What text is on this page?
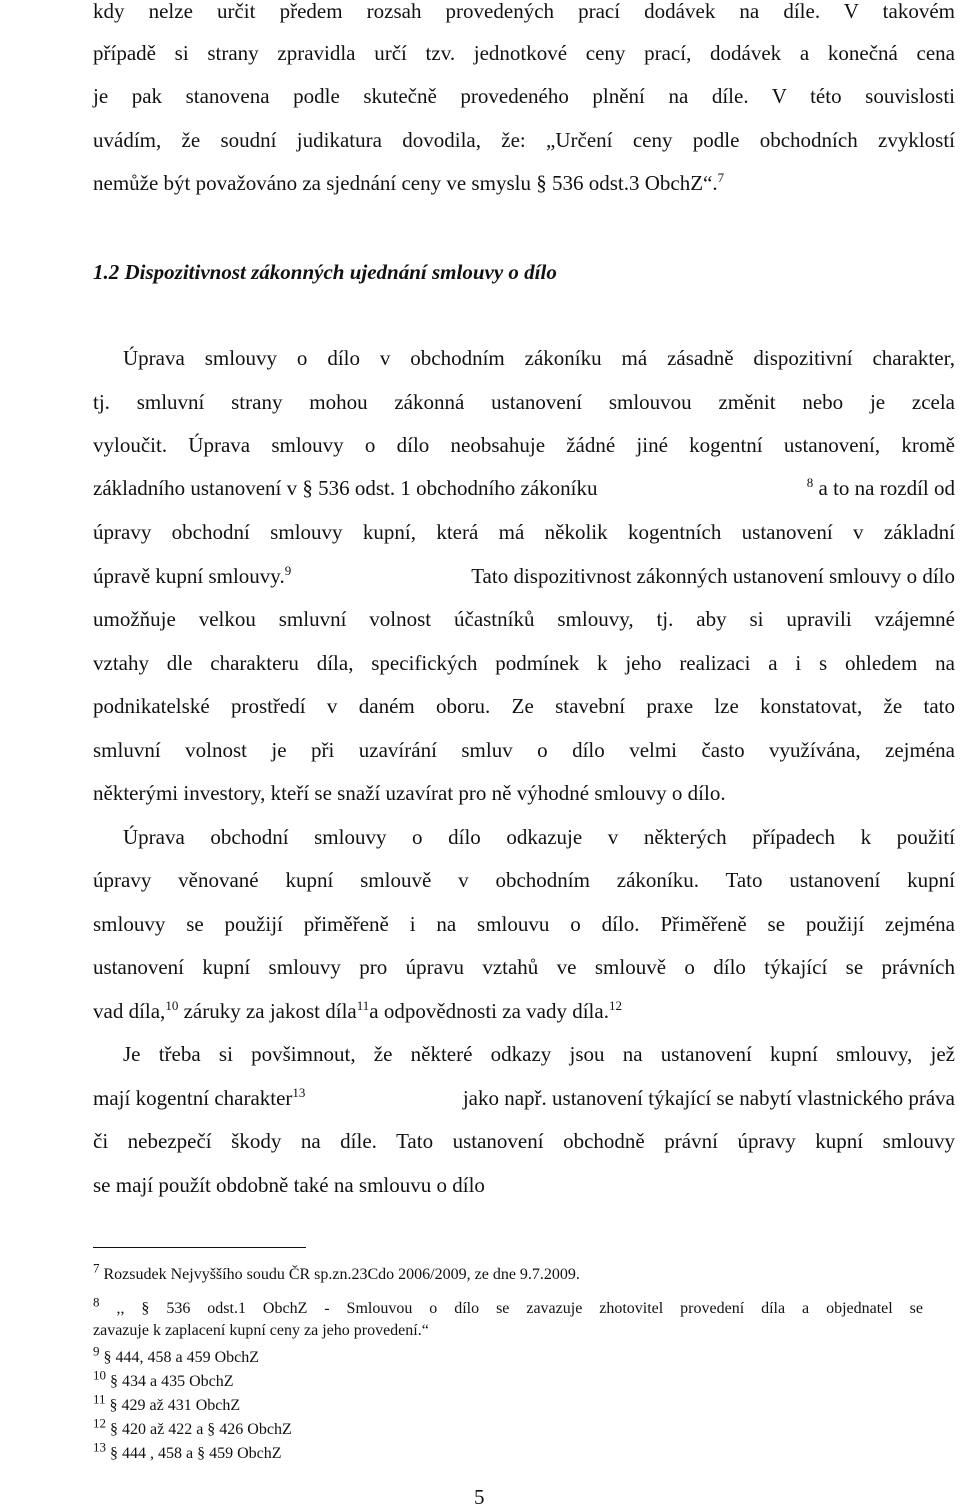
kdy nelze určit předem rozsah provedených prací dodávek na díle. V takovém
případě si strany zpravidla určí tzv. jednotkové ceny prací, dodávek a konečná cena
je pak stanovena podle skutečně provedeného plnění na díle. V této souvislosti
uvádím, že soudní judikatura dovodila, že: „Určení ceny podle obchodních zvyklostí
nemůže být považováno za sjednání ceny ve smyslu § 536 odst.3 ObchZ“.$^7$
1.2 Dispozitivnost zákonných ujednání smlouvy o dílo
Úprava smlouvy o dílo v obchodním zákoníku má zásadně dispozitivní charakter,
tj. smluvní strany mohou zákonná ustanovení smlouvou změnit nebo je zcela
vyloučit. Úprava smlouvy o dílo neobsahuje žádné jiné kogentní ustanovení, kromě
základního ustanovení v § 536 odst. 1 obchodního zákoníku	$^8$ a to na rozdíl od
úpravy obchodní smlouvy kupní, která má několik kogentních ustanovení v základní
úpravě kupní smlouvy.$^9$	Tato dispozitivnost zákonných ustanovení smlouvy o dílo
umožňuje velkou smluvní volnost účastníků smlouvy, tj. aby si upravili vzájemné
vztahy dle charakteru díla, specifických podmínek k jeho realizaci a i s ohledem na
podnikatelské prostředí v daném oboru. Ze stavební praxe lze konstatovat, že tato
smluvní volnost je při uzavírání smluv o dílo velmi často využívána, zejména
některými investory, kteří se snaží uzavírat pro ně výhodné smlouvy o dílo.
Úprava obchodní smlouvy o dílo odkazuje v některých případech k použití
úpravy věnované kupní smlouvě v obchodním zákoníku. Tato ustanovení kupní
smlouvy se použijí přiměřeně i na smlouvu o dílo. Přiměřeně se použijí zejména
ustanovení kupní smlouvy pro úpravu vztahů ve smlouvě o dílo týkající se právních
vad díla,$^{10}$ záruky za jakost díla$^{11}$a odpovědnosti za vady díla.$^{12}$
Je třeba si povšimnout, že některé odkazy jsou na ustanovení kupní smlouvy, jež
mají kogentní charakter$^{13}$	jako např. ustanovení týkající se nabytí vlastnického práva
či nebezpečí škody na díle. Tato ustanovení obchodně právní úpravy kupní smlouvy
se mají použít obdobně také na smlouvu o dílo
$^7$ Rozsudek Nejvyššího soudu ČR sp.zn.23Cdo 2006/2009, ze dne 9.7.2009.
$^8$ ,, § 536 odst.1 ObchZ - Smlouvou o dílo se zavazuje zhotovitel provedení díla a objednatel se
zavazuje k zaplacení kupní ceny za jeho provedení.“
$^9$ § 444, 458 a 459 ObchZ
$^{10}$ § 434 a 435 ObchZ
$^{11}$ § 429 až 431 ObchZ
$^{12}$ § 420 až 422 a § 426 ObchZ
$^{13}$ § 444 , 458 a § 459 ObchZ
5
